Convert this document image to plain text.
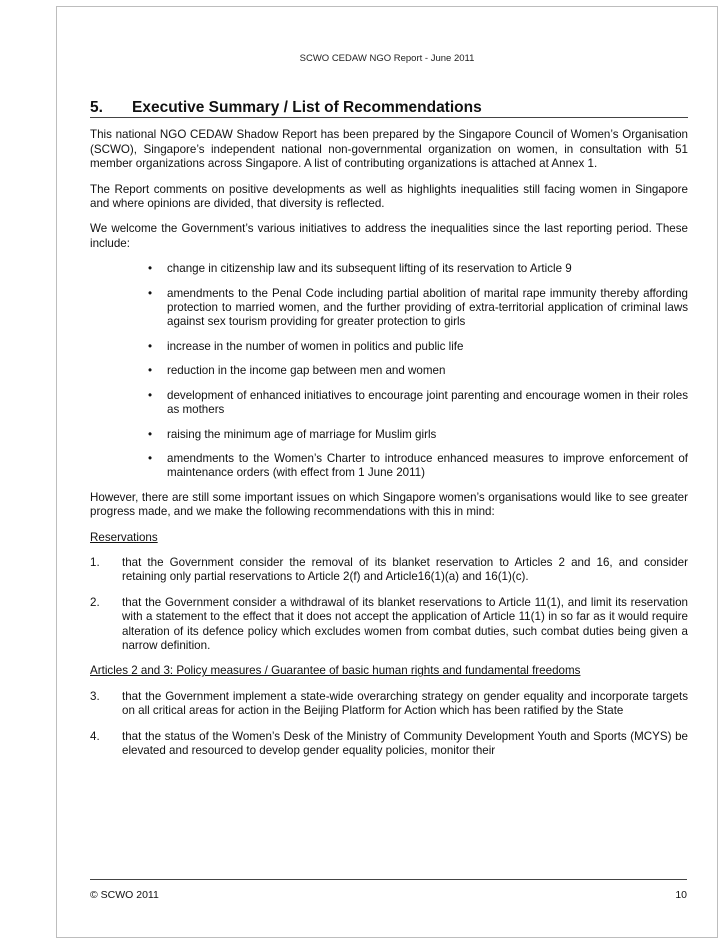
SCWO CEDAW NGO Report - June 2011
5.	Executive Summary / List of Recommendations

This national NGO CEDAW Shadow Report has been prepared by the Singapore Council of Women’s Organisation (SCWO), Singapore’s independent national non-governmental organization on women, in consultation with 51 member organizations across Singapore. A list of contributing organizations is attached at Annex 1.

The Report comments on positive developments as well as highlights inequalities still facing women in Singapore and where opinions are divided, that diversity is reflected.

We welcome the Government’s various initiatives to address the inequalities since the last reporting period. These include:

• change in citizenship law and its subsequent lifting of its reservation to Article 9
• amendments to the Penal Code including partial abolition of marital rape immunity thereby affording protection to married women, and the further providing of extra-territorial application of criminal laws against sex tourism providing for greater protection to girls
• increase in the number of women in politics and public life
• reduction in the income gap between men and women
• development of enhanced initiatives to encourage joint parenting and encourage women in their roles as mothers
• raising the minimum age of marriage for Muslim girls
• amendments to the Women’s Charter to introduce enhanced measures to improve enforcement of maintenance orders (with effect from 1 June 2011)

However, there are still some important issues on which Singapore women’s organisations would like to see greater progress made, and we make the following recommendations with this in mind:

Reservations
1.	that the Government consider the removal of its blanket reservation to Articles 2 and 16, and consider retaining only partial reservations to Article 2(f) and Article16(1)(a) and 16(1)(c).
2.	that the Government consider a withdrawal of its blanket reservations to Article 11(1), and limit its reservation with a statement to the effect that it does not accept the application of Article 11(1) in so far as it would require alteration of its defence policy which excludes women from combat duties, such combat duties being given a narrow definition.
Articles 2 and 3: Policy measures / Guarantee of basic human rights and fundamental freedoms
3.	that the Government implement a state-wide overarching strategy on gender equality and incorporate targets on all critical areas for action in the Beijing Platform for Action which has been ratified by the State
4.	that the status of the Women’s Desk of the Ministry of Community Development Youth and Sports (MCYS) be elevated and resourced to develop gender equality policies, monitor their
© SCWO 2011	10
